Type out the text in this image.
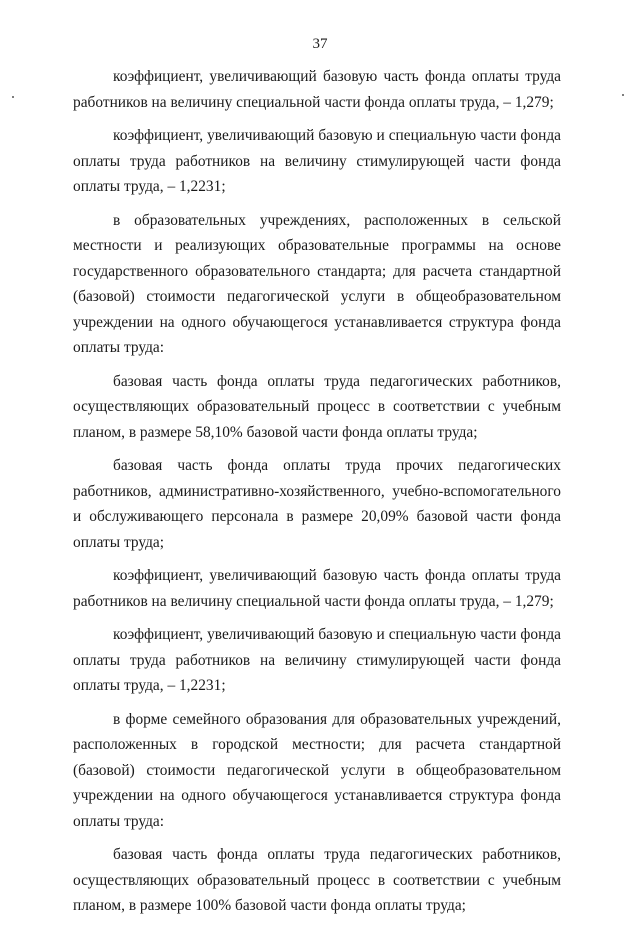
37

коэффициент, увеличивающий базовую часть фонда оплаты труда работников на величину специальной части фонда оплаты труда, – 1,279;

коэффициент, увеличивающий базовую и специальную части фонда оплаты труда работников на величину стимулирующей части фонда оплаты труда, – 1,2231;

в образовательных учреждениях, расположенных в сельской местности и реализующих образовательные программы на основе государственного образовательного стандарта; для расчета стандартной (базовой) стоимости педагогической услуги в общеобразовательном учреждении на одного обучающегося устанавливается структура фонда оплаты труда:

базовая часть фонда оплаты труда педагогических работников, осуществляющих образовательный процесс в соответствии с учебным планом, в размере 58,10% базовой части фонда оплаты труда;

базовая часть фонда оплаты труда прочих педагогических работников, административно-хозяйственного, учебно-вспомогательного и обслуживающего персонала в размере 20,09% базовой части фонда оплаты труда;

коэффициент, увеличивающий базовую часть фонда оплаты труда работников на величину специальной части фонда оплаты труда, – 1,279;

коэффициент, увеличивающий базовую и специальную части фонда оплаты труда работников на величину стимулирующей части фонда оплаты труда, – 1,2231;

в форме семейного образования для образовательных учреждений, расположенных в городской местности; для расчета стандартной (базовой) стоимости педагогической услуги в общеобразовательном учреждении на одного обучающегося устанавливается структура фонда оплаты труда:

базовая часть фонда оплаты труда педагогических работников, осуществляющих образовательный процесс в соответствии с учебным планом, в размере 100% базовой части фонда оплаты труда;
